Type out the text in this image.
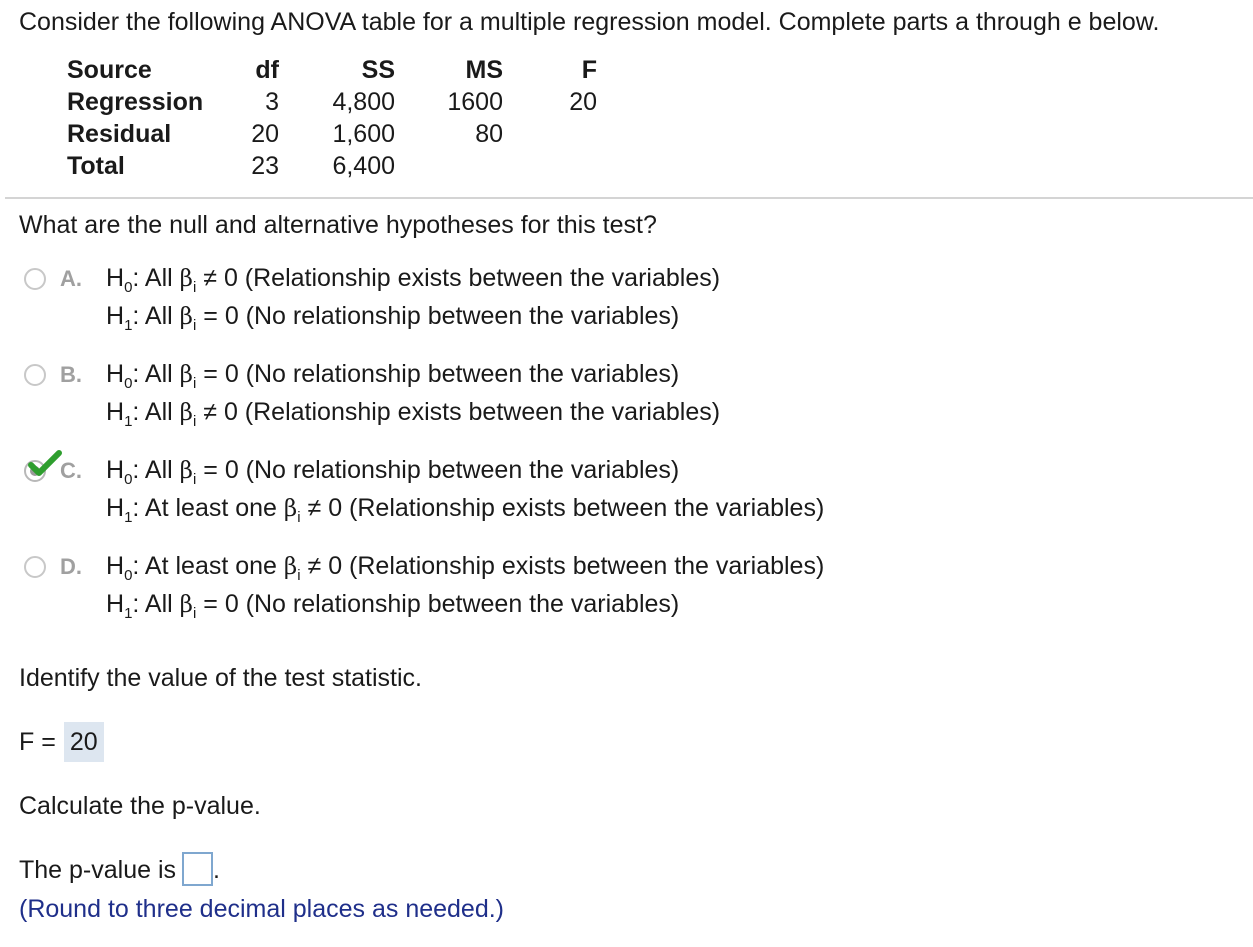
Consider the following ANOVA table for a multiple regression model. Complete parts a through e below.
Source	df	SS	MS	F
Regression	3 4,800 1600	20
Residual	20 1,600	80
Total	23 6,400
What are the null and alternative hypotheses for this test?
A. $H_0$: All $\beta_i \ne 0$ (Relationship exists between the variables)
$H_1$: All $\beta_i = 0$ (No relationship between the variables)
B. $H_0$: All $\beta_i = 0$ (No relationship between the variables)
$H_1$: All $\beta_i \ne 0$ (Relationship exists between the variables)
C. $H_0$: All $\beta_i = 0$ (No relationship between the variables)
$H_1$: At least one $\beta_i \ne 0$ (Relationship exists between the variables)
D. $H_0$: At least one $\beta_i \ne 0$ (Relationship exists between the variables)
$H_1$: All $\beta_i = 0$ (No relationship between the variables)
Identify the value of the test statistic.
F = 20
Calculate the p-value.
The p-value is .
(Round to three decimal places as needed.)
